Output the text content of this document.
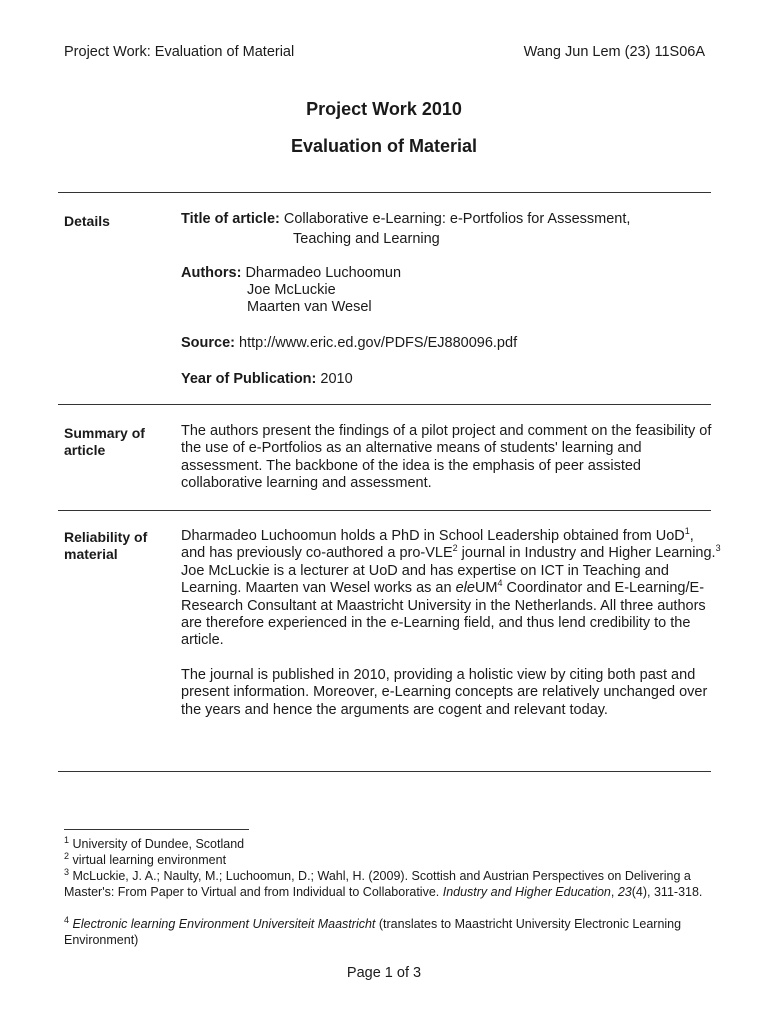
Project Work: Evaluation of Material	Wang Jun Lem (23) 11S06A
Project Work 2010
Evaluation of Material
Details	Title of article: Collaborative e-Learning: e-Portfolios for Assessment,
Teaching and Learning
Authors: Dharmadeo Luchoomun
Joe McLuckie
Maarten van Wesel
Source: http://www.eric.ed.gov/PDFS/EJ880096.pdf
Year of Publication: 2010
Summary of
article
The authors present the findings of a pilot project and comment on the feasibility of the use of e-Portfolios as an alternative means of students' learning and assessment. The backbone of the idea is the emphasis of peer assisted collaborative learning and assessment.
Reliability of
material

Dharmadeo Luchoomun holds a PhD in School Leadership obtained from UoD$^1$, and has previously co-authored a pro-VLE$^2$ journal in Industry and Higher Learning.$^3$ Joe McLuckie is a lecturer at UoD and has expertise on ICT in Teaching and Learning. Maarten van Wesel works as an eleUM$^4$ Coordinator and E-Learning/E-Research Consultant at Maastricht University in the Netherlands. All three authors are therefore experienced in the e-Learning field, and thus lend credibility to the article.

The journal is published in 2010, providing a holistic view by citing both past and present information. Moreover, e-Learning concepts are relatively unchanged over the years and hence the arguments are cogent and relevant today.

$^1$ University of Dundee, Scotland
$^2$ virtual learning environment
$^3$ McLuckie, J. A.; Naulty, M.; Luchoomun, D.; Wahl, H. (2009). Scottish and Austrian Perspectives on Delivering a Master's: From Paper to Virtual and from Individual to Collaborative. Industry and Higher Education, 23(4), 311-318.
$^4$ Electronic learning Environment Universiteit Maastricht (translates to Maastricht University Electronic Learning Environment)
Page 1 of 3
